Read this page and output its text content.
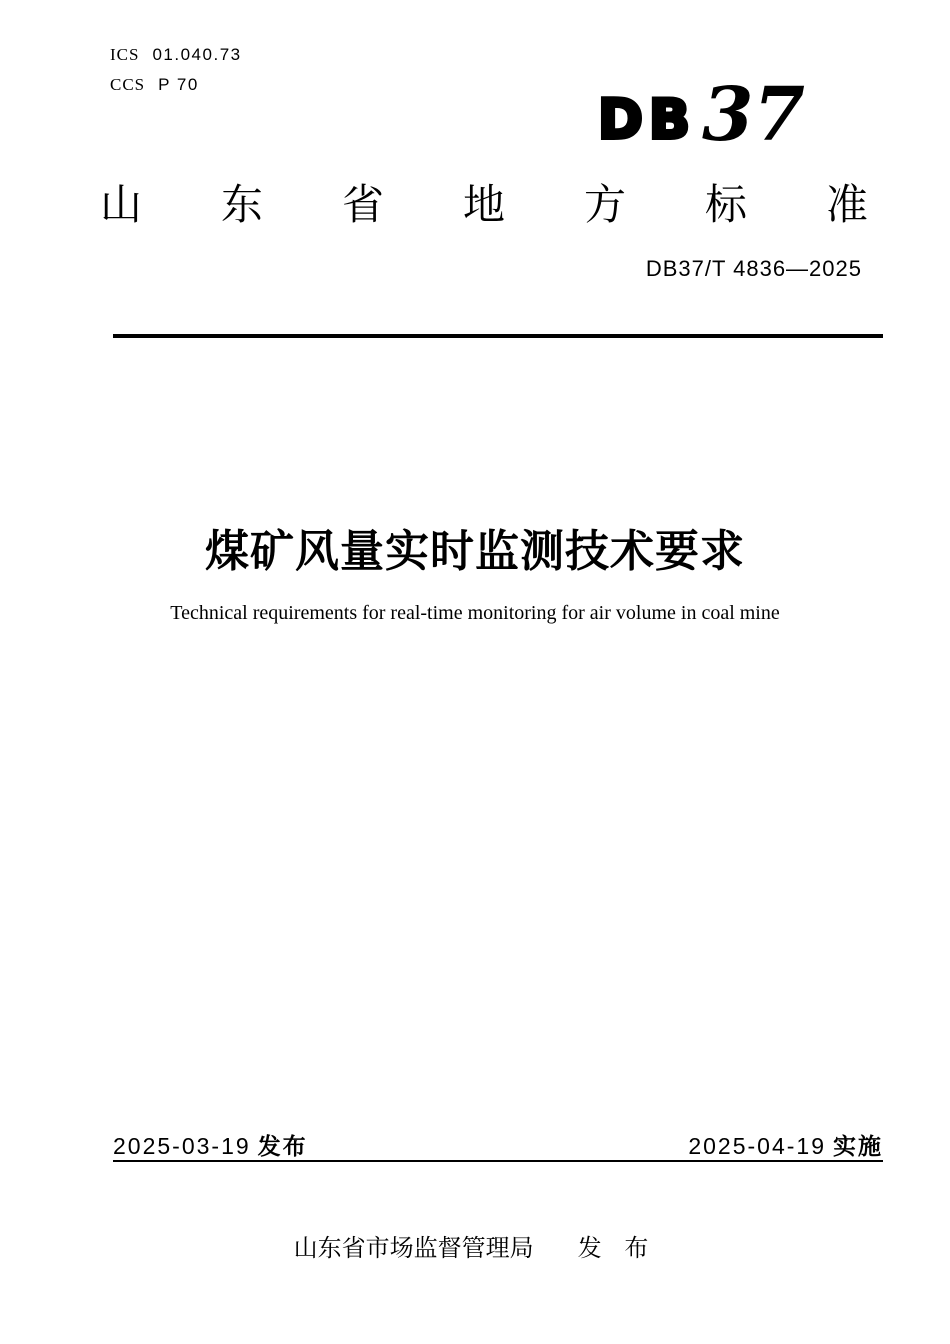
ICS 01.040.73
CCS P 70
DB 37
山东省地方标准
DB37/T 4836—2025
煤矿风量实时监测技术要求
Technical requirements for real-time monitoring for air volume in coal mine
2025-03-19 发布	2025-04-19 实施
山东省市场监督管理局 发 布
